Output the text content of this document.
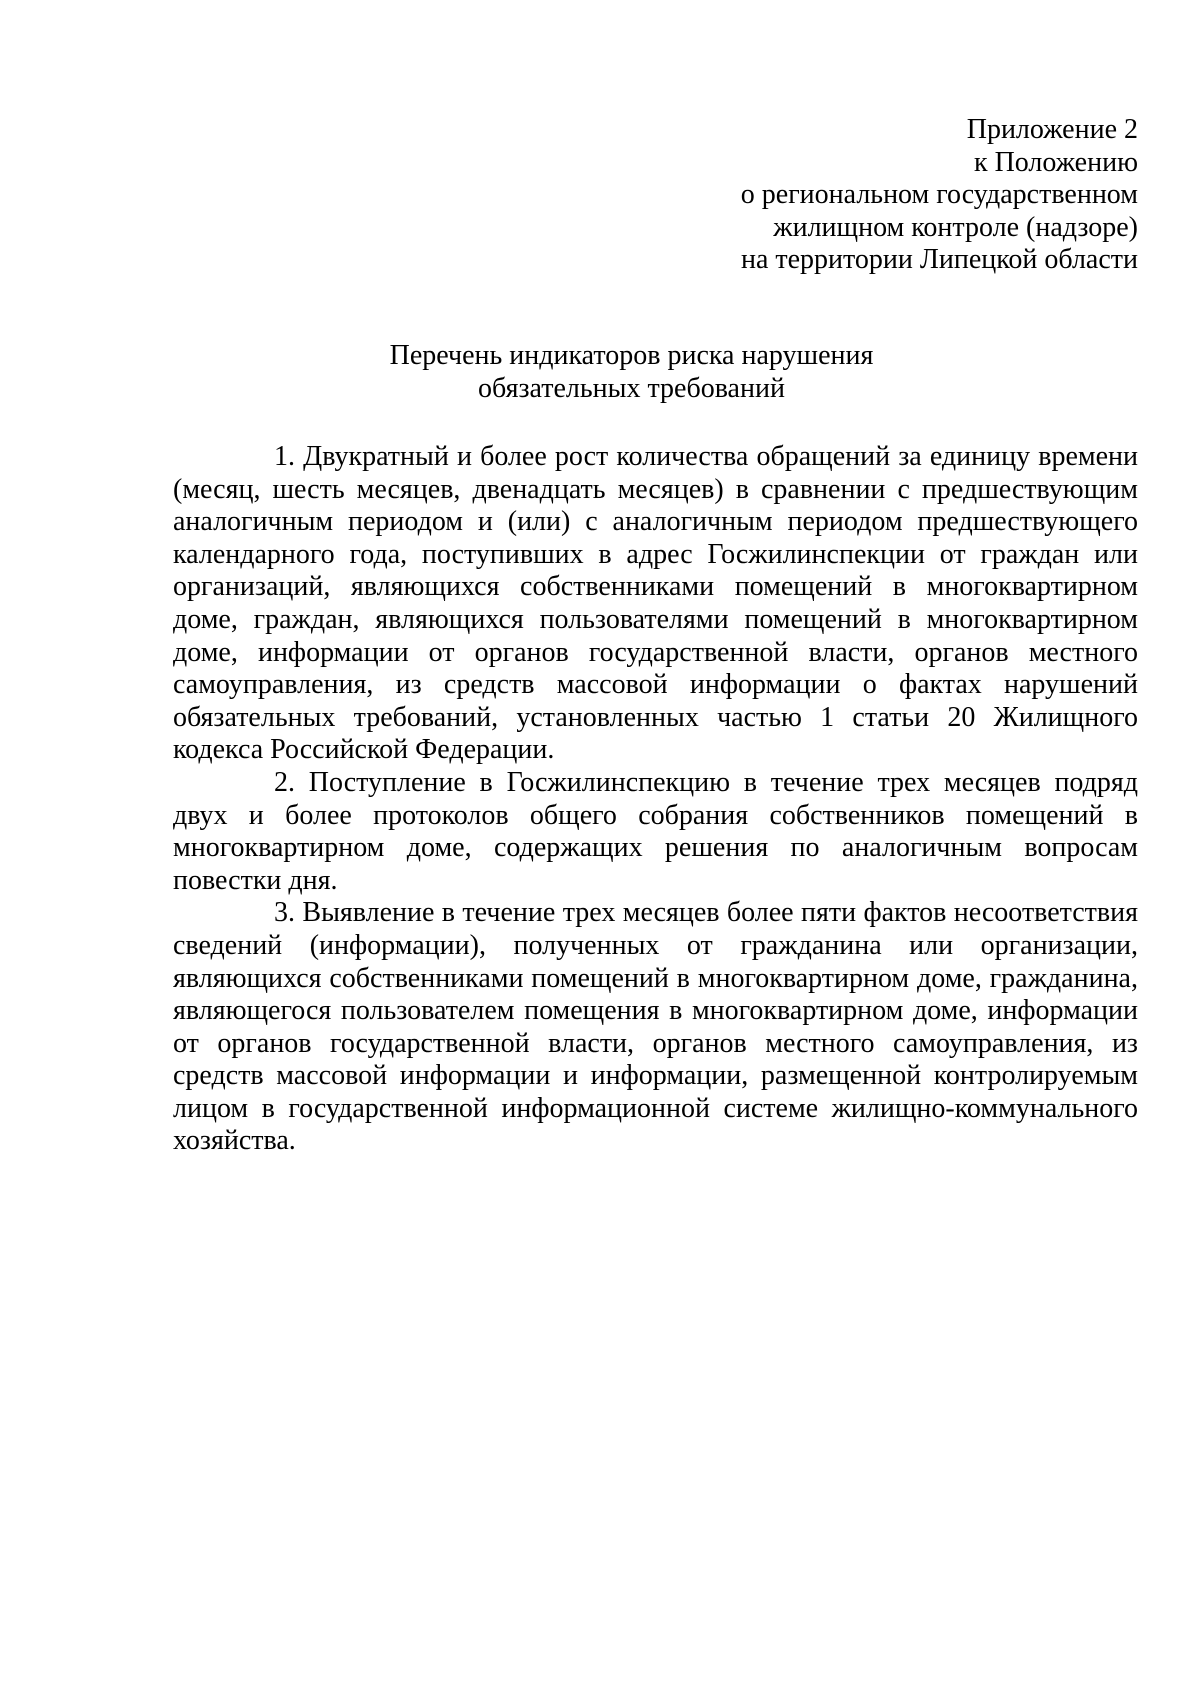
Приложение 2
к Положению
о региональном государственном
жилищном контроле (надзоре)
на территории Липецкой области
Перечень индикаторов риска нарушения
обязательных требований

1. Двукратный и более рост количества обращений за единицу времени (месяц, шесть месяцев, двенадцать месяцев) в сравнении с предшествующим аналогичным периодом и (или) с аналогичным периодом предшествующего календарного года, поступивших в адрес Госжилинспекции от граждан или организаций, являющихся собственниками помещений в многоквартирном доме, граждан, являющихся пользователями помещений в многоквартирном доме, информации от органов государственной власти, органов местного самоуправления, из средств массовой информации о фактах нарушений обязательных требований, установленных частью 1 статьи 20 Жилищного кодекса Российской Федерации.

2. Поступление в Госжилинспекцию в течение трех месяцев подряд двух и более протоколов общего собрания собственников помещений в многоквартирном доме, содержащих решения по аналогичным вопросам повестки дня.

3. Выявление в течение трех месяцев более пяти фактов несоответствия сведений (информации), полученных от гражданина или организации, являющихся собственниками помещений в многоквартирном доме, гражданина, являющегося пользователем помещения в многоквартирном доме, информации от органов государственной власти, органов местного самоуправления, из средств массовой информации и информации, размещенной контролируемым лицом в государственной информационной системе жилищно-коммунального хозяйства.
